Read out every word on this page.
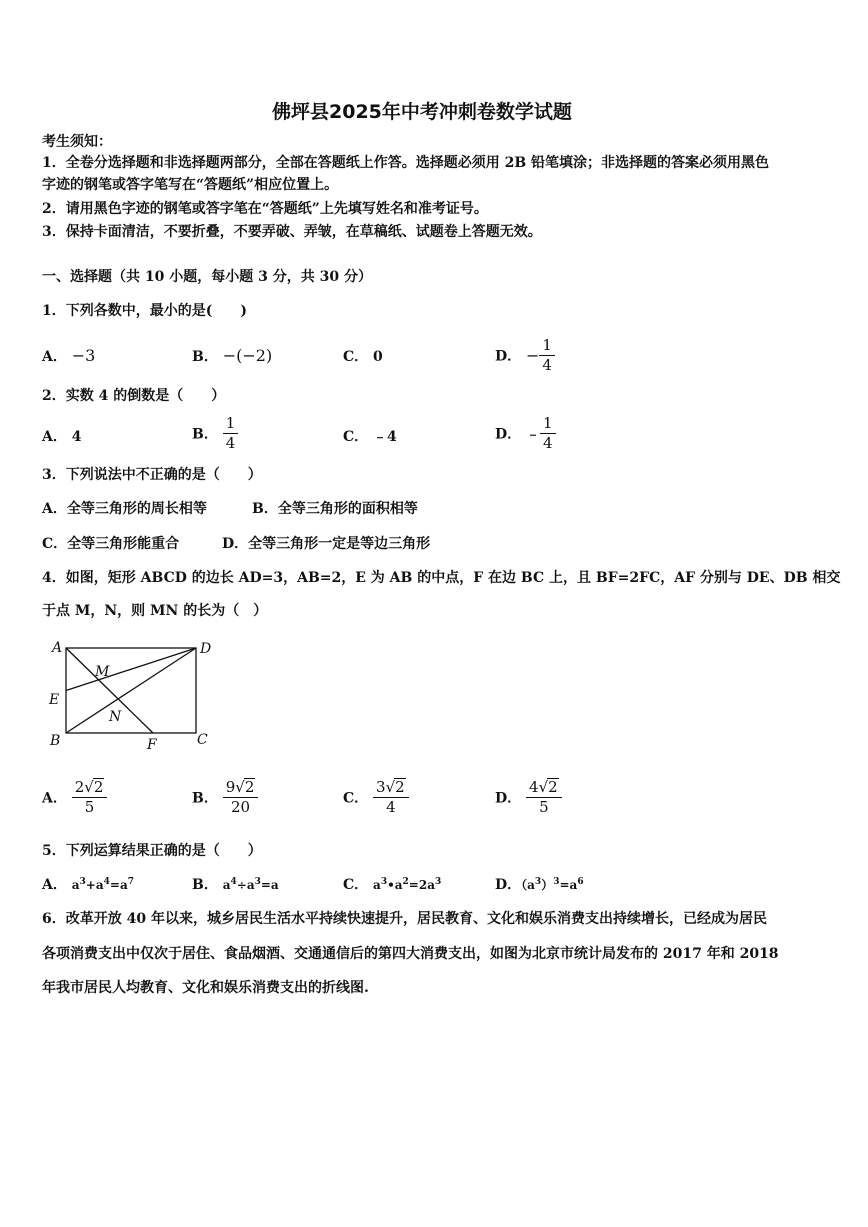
佛坪县2025年中考冲刺卷数学试题
考生须知：
1．全卷分选择题和非选择题两部分，全部在答题纸上作答。选择题必须用 2B 铅笔填涂；非选择题的答案必须用黑色
字迹的钢笔或答字笔写在“答题纸”相应位置上。
2．请用黑色字迹的钢笔或答字笔在“答题纸”上先填写姓名和准考证号。
3．保持卡面清洁，不要折叠，不要弄破、弄皱，在草稿纸、试题卷上答题无效。
一、选择题（共 10 小题，每小题 3 分，共 30 分）
1．下列各数中，最小的是(　　)
A． −3	B． −(−2)	C． 0	D． − $\frac{1}{4}$
2．实数 4 的倒数是（　　）
A． 4	B． $\frac{1}{4}$	C． ﹣4	D． ﹣ $\frac{1}{4}$
3．下列说法中不正确的是（　　）
A．全等三角形的周长相等	B．全等三角形的面积相等
C．全等三角形能重合	D．全等三角形一定是等边三角形
4．如图，矩形 ABCD 的边长 AD=3，AB=2，E 为 AB 的中点，F 在边 BC 上，且 BF=2FC，AF 分别与 DE、DB 相交
于点 M，N，则 MN 的长为（　）
A	D
E
B	C
F
M
N
A． $\frac{2√2}{5}$	B． $\frac{9√2}{20}$	C． $\frac{3√2}{4}$	D． $\frac{4√2}{5}$
5．下列运算结果正确的是（　　）
A． $a^3+a^4=a^7$	B． $a^4\div a^3=a$	C． $a^3•a^2=2a^3$	D．$(a^3)^3=a^6$
6．改革开放 40 年以来，城乡居民生活水平持续快速提升，居民教育、文化和娱乐消费支出持续增长，已经成为居民
各项消费支出中仅次于居住、食品烟酒、交通通信后的第四大消费支出，如图为北京市统计局发布的 2017 年和 2018
年我市居民人均教育、文化和娱乐消费支出的折线图.
